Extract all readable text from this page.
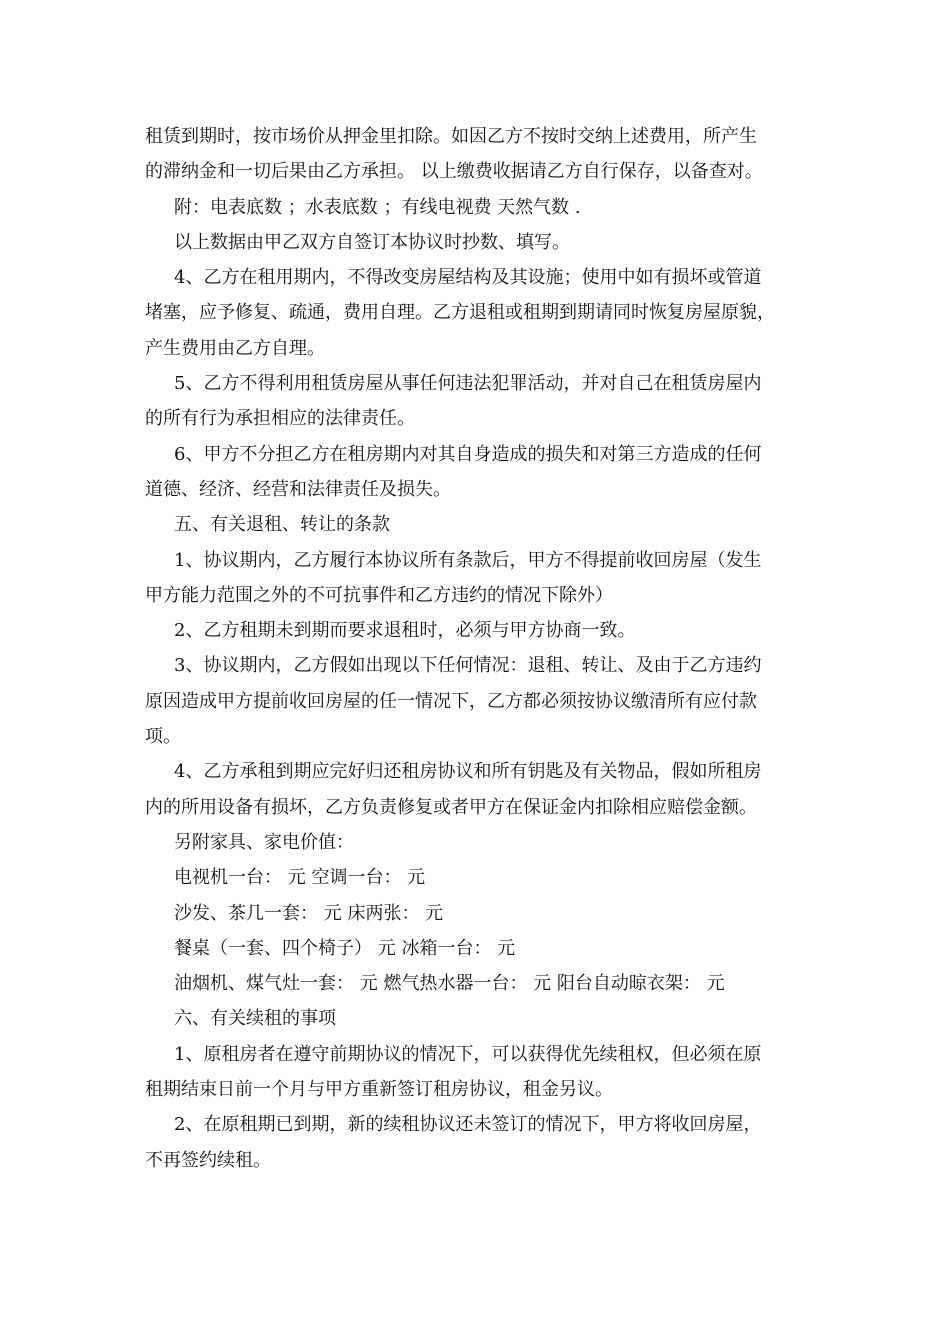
租赁到期时，按市场价从押金里扣除。如因乙方不按时交纳上述费用，所产生

的滞纳金和一切后果由乙方承担。 以上缴费收据请乙方自行保存，以备查对。

附：电表底数 ；水表底数 ；有线电视费 天然气数 .

以上数据由甲乙双方自签订本协议时抄数、填写。

4、乙方在租用期内，不得改变房屋结构及其设施；使用中如有损坏或管道

堵塞，应予修复、疏通，费用自理。乙方退租或租期到期请同时恢复房屋原貌，

产生费用由乙方自理。

5、乙方不得利用租赁房屋从事任何违法犯罪活动，并对自己在租赁房屋内

的所有行为承担相应的法律责任。

6、甲方不分担乙方在租房期内对其自身造成的损失和对第三方造成的任何

道德、经济、经营和法律责任及损失。

五、有关退租、转让的条款

1、协议期内，乙方履行本协议所有条款后，甲方不得提前收回房屋（发生

甲方能力范围之外的不可抗事件和乙方违约的情况下除外）

2、乙方租期未到期而要求退租时，必须与甲方协商一致。

3、协议期内，乙方假如出现以下任何情况：退租、转让、及由于乙方违约

原因造成甲方提前收回房屋的任一情况下，乙方都必须按协议缴清所有应付款

项。

4、乙方承租到期应完好归还租房协议和所有钥匙及有关物品，假如所租房

内的所用设备有损坏，乙方负责修复或者甲方在保证金内扣除相应赔偿金额。

另附家具、家电价值：

电视机一台： 元 空调一台： 元

沙发、茶几一套： 元 床两张： 元

餐桌（一套、四个椅子） 元 冰箱一台： 元

油烟机、煤气灶一套： 元 燃气热水器一台： 元 阳台自动晾衣架： 元

六、有关续租的事项

1、原租房者在遵守前期协议的情况下，可以获得优先续租权，但必须在原

租期结束日前一个月与甲方重新签订租房协议，租金另议。

2、在原租期已到期，新的续租协议还未签订的情况下，甲方将收回房屋，

不再签约续租。
